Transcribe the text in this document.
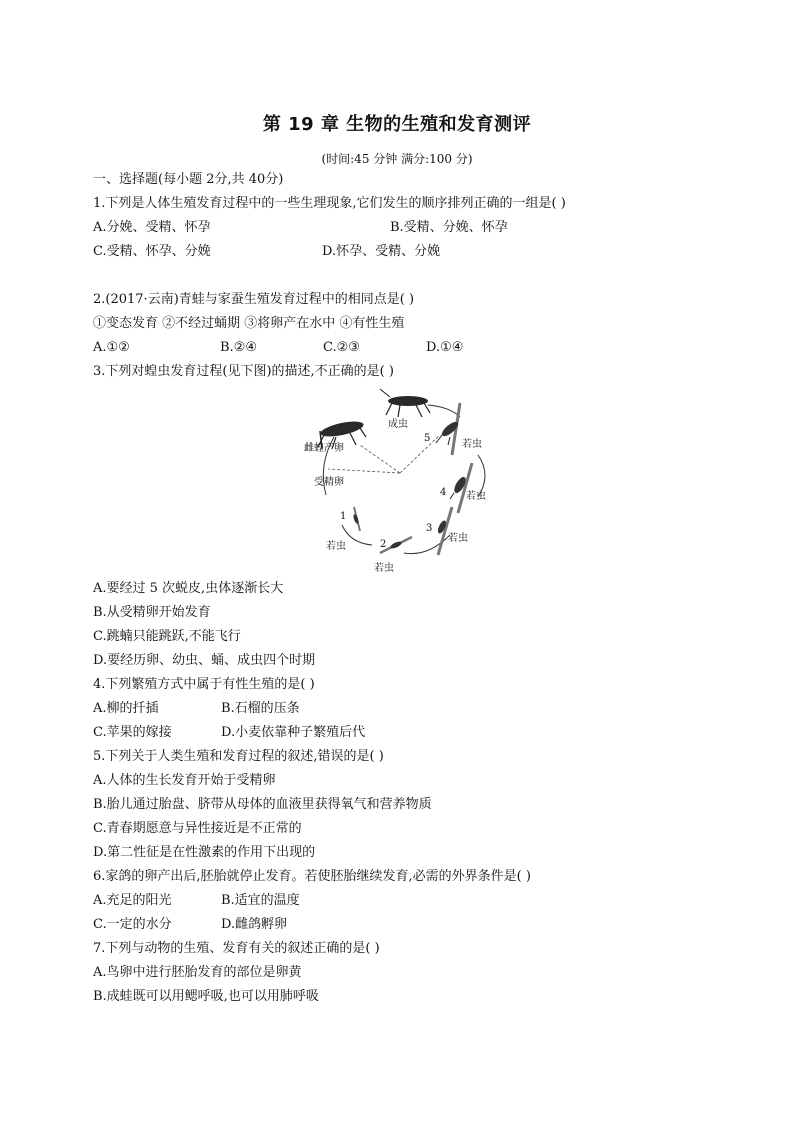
第 19 章 生物的生殖和发育测评
(时间:45 分钟 满分:100 分)
一、选择题(每小题 2分,共 40分)
1.下列是人体生殖发育过程中的一些生理现象,它们发生的顺序排列正确的一组是( )
A.分娩、受精、怀孕	B.受精、分娩、怀孕
C.受精、怀孕、分娩	D.怀孕、受精、分娩
2.(2017·云南)青蛙与家蚕生殖发育过程中的相同点是( )
①变态发育 ②不经过蛹期 ③将卵产在水中 ④有性生殖
A.①②	B.②④	C.②③	D.①④
3.下列对蝗虫发育过程(见下图)的描述,不正确的是( )
成虫
雌蝗产卵
受精卵
若虫
若虫
若虫
若虫
若虫
5
4
3
2
1
A.要经过 5 次蜕皮,虫体逐渐长大
B.从受精卵开始发育
C.跳蝻只能跳跃,不能飞行
D.要经历卵、幼虫、蛹、成虫四个时期
4.下列繁殖方式中属于有性生殖的是( )
A.柳的扦插	B.石榴的压条
C.苹果的嫁接	D.小麦依靠种子繁殖后代
5.下列关于人类生殖和发育过程的叙述,错误的是( )
A.人体的生长发育开始于受精卵
B.胎儿通过胎盘、脐带从母体的血液里获得氧气和营养物质
C.青春期愿意与异性接近是不正常的
D.第二性征是在性激素的作用下出现的
6.家鸽的卵产出后,胚胎就停止发育。若使胚胎继续发育,必需的外界条件是( )
A.充足的阳光	B.适宜的温度
C.一定的水分	D.雌鸽孵卵
7.下列与动物的生殖、发育有关的叙述正确的是( )
A.鸟卵中进行胚胎发育的部位是卵黄
B.成蛙既可以用鳃呼吸,也可以用肺呼吸
